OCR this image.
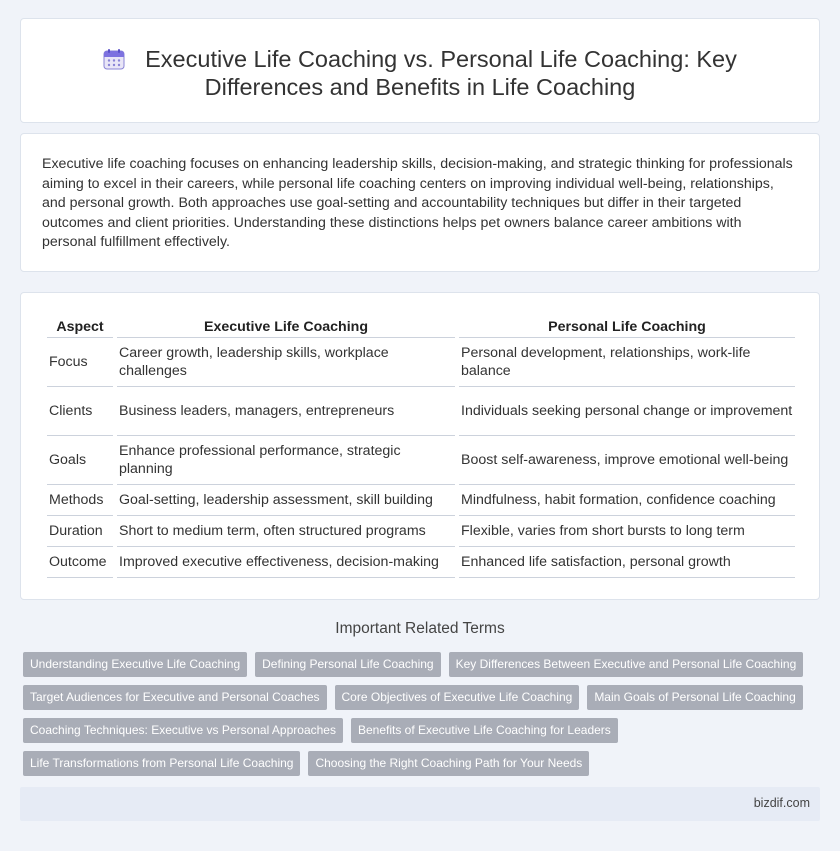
Executive Life Coaching vs. Personal Life Coaching: Key Differences and Benefits in Life Coaching

Executive life coaching focuses on enhancing leadership skills, decision-making, and strategic thinking for professionals aiming to excel in their careers, while personal life coaching centers on improving individual well-being, relationships, and personal growth. Both approaches use goal-setting and accountability techniques but differ in their targeted outcomes and client priorities. Understanding these distinctions helps pet owners balance career ambitions with personal fulfillment effectively.

Aspect	Executive Life Coaching	Personal Life Coaching
Focus	Career growth, leadership skills, workplace challenges	Personal development, relationships, work-life balance
Clients	Business leaders, managers, entrepreneurs	Individuals seeking personal change or improvement
Goals	Enhance professional performance, strategic planning	Boost self-awareness, improve emotional well-being
Methods	Goal-setting, leadership assessment, skill building	Mindfulness, habit formation, confidence coaching
Duration	Short to medium term, often structured programs	Flexible, varies from short bursts to long term
Outcome	Improved executive effectiveness, decision-making	Enhanced life satisfaction, personal growth
Important Related Terms
Understanding Executive Life Coaching	Defining Personal Life Coaching	Key Differences Between Executive and Personal Life Coaching
Target Audiences for Executive and Personal Coaches	Core Objectives of Executive Life Coaching	Main Goals of Personal Life Coaching
Coaching Techniques: Executive vs Personal Approaches	Benefits of Executive Life Coaching for Leaders
Life Transformations from Personal Life Coaching	Choosing the Right Coaching Path for Your Needs
bizdif.com
